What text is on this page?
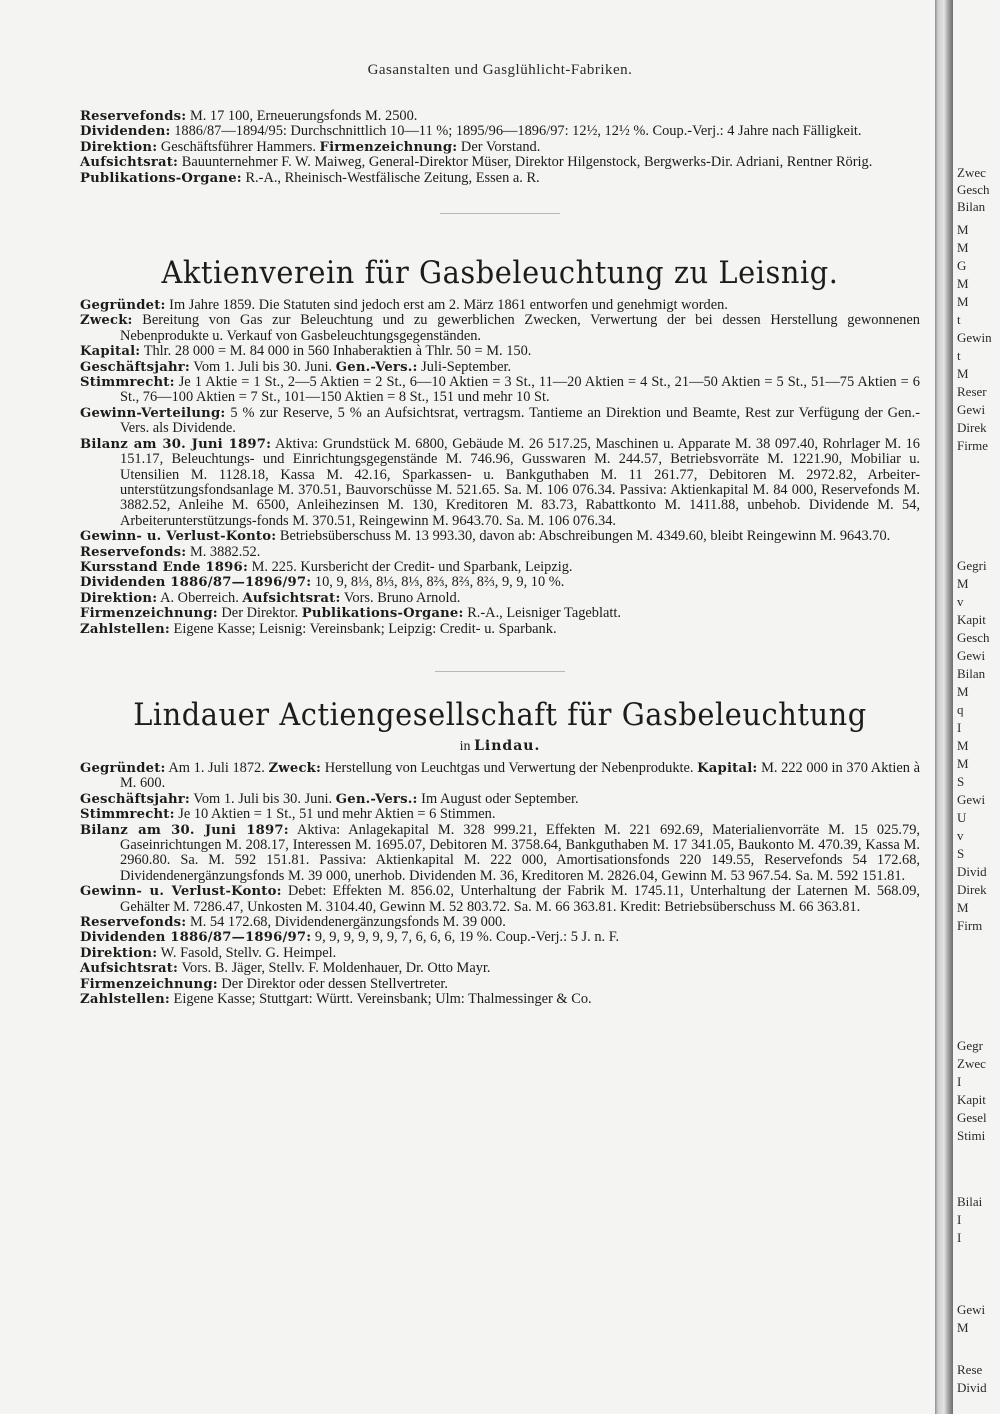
Gasanstalten und Gasglühlicht-Fabriken.

Reservefonds: M. 17 100, Erneuerungsfonds M. 2500.

Dividenden: 1886/87—1894/95: Durchschnittlich 10—11 %; 1895/96—1896/97: 12½, 12½ %. Coup.-Verj.: 4 Jahre nach Fälligkeit.

Direktion: Geschäftsführer Hammers. Firmenzeichnung: Der Vorstand.

Aufsichtsrat: Bauunternehmer F. W. Maiweg, General-Direktor Müser, Direktor Hilgenstock, Bergwerks-Dir. Adriani, Rentner Rörig.

Publikations-Organe: R.-A., Rheinisch-Westfälische Zeitung, Essen a. R.

Aktienverein für Gasbeleuchtung zu Leisnig.

Gegründet: Im Jahre 1859. Die Statuten sind jedoch erst am 2. März 1861 entworfen und genehmigt worden.

Zweck: Bereitung von Gas zur Beleuchtung und zu gewerblichen Zwecken, Verwertung der bei dessen Herstellung gewonnenen Nebenprodukte u. Verkauf von Gasbeleuchtungsgegenständen.

Kapital: Thlr. 28 000 = M. 84 000 in 560 Inhaberaktien à Thlr. 50 = M. 150.

Geschäftsjahr: Vom 1. Juli bis 30. Juni. Gen.-Vers.: Juli-September.

Stimmrecht: Je 1 Aktie = 1 St., 2—5 Aktien = 2 St., 6—10 Aktien = 3 St., 11—20 Aktien = 4 St., 21—50 Aktien = 5 St., 51—75 Aktien = 6 St., 76—100 Aktien = 7 St., 101—150 Aktien = 8 St., 151 und mehr 10 St.

Gewinn-Verteilung: 5 % zur Reserve, 5 % an Aufsichtsrat, vertragsm. Tantieme an Direktion und Beamte, Rest zur Verfügung der Gen.-Vers. als Dividende.

Bilanz am 30. Juni 1897: Aktiva: Grundstück M. 6800, Gebäude M. 26 517.25, Maschinen u. Apparate M. 38 097.40, Rohrlager M. 16 151.17, Beleuchtungs- und Einrichtungsgegenstände M. 746.96, Gusswaren M. 244.57, Betriebsvorräte M. 1221.90, Mobiliar u. Utensilien M. 1128.18, Kassa M. 42.16, Sparkassen- u. Bankguthaben M. 11 261.77, Debitoren M. 2972.82, Arbeiter-unterstützungsfondsanlage M. 370.51, Bauvorschüsse M. 521.65. Sa. M. 106 076.34. Passiva: Aktienkapital M. 84 000, Reservefonds M. 3882.52, Anleihe M. 6500, Anleihezinsen M. 130, Kreditoren M. 83.73, Rabattkonto M. 1411.88, unbehob. Dividende M. 54, Arbeiterunterstützungs-fonds M. 370.51, Reingewinn M. 9643.70. Sa. M. 106 076.34.

Gewinn- u. Verlust-Konto: Betriebsüberschuss M. 13 993.30, davon ab: Abschreibungen M. 4349.60, bleibt Reingewinn M. 9643.70.

Reservefonds: M. 3882.52.

Kursstand Ende 1896: M. 225. Kursbericht der Credit- und Sparbank, Leipzig.

Dividenden 1886/87—1896/97: 10, 9, 8⅓, 8⅓, 8⅓, 8⅔, 8⅔, 8⅔, 9, 9, 10 %.

Direktion: A. Oberreich. Aufsichtsrat: Vors. Bruno Arnold.

Firmenzeichnung: Der Direktor. Publikations-Organe: R.-A., Leisniger Tageblatt.

Zahlstellen: Eigene Kasse; Leisnig: Vereinsbank; Leipzig: Credit- u. Sparbank.

Lindauer Actiengesellschaft für Gasbeleuchtung
in Lindau.

Gegründet: Am 1. Juli 1872. Zweck: Herstellung von Leuchtgas und Verwertung der Nebenprodukte. Kapital: M. 222 000 in 370 Aktien à M. 600.

Geschäftsjahr: Vom 1. Juli bis 30. Juni. Gen.-Vers.: Im August oder September.

Stimmrecht: Je 10 Aktien = 1 St., 51 und mehr Aktien = 6 Stimmen.

Bilanz am 30. Juni 1897: Aktiva: Anlagekapital M. 328 999.21, Effekten M. 221 692.69, Materialienvorräte M. 15 025.79, Gaseinrichtungen M. 208.17, Interessen M. 1695.07, Debitoren M. 3758.64, Bankguthaben M. 17 341.05, Baukonto M. 470.39, Kassa M. 2960.80. Sa. M. 592 151.81. Passiva: Aktienkapital M. 222 000, Amortisationsfonds 220 149.55, Reservefonds 54 172.68, Dividendenergänzungsfonds M. 39 000, unerhob. Dividenden M. 36, Kreditoren M. 2826.04, Gewinn M. 53 967.54. Sa. M. 592 151.81.

Gewinn- u. Verlust-Konto: Debet: Effekten M. 856.02, Unterhaltung der Fabrik M. 1745.11, Unterhaltung der Laternen M. 568.09, Gehälter M. 7286.47, Unkosten M. 3104.40, Gewinn M. 52 803.72. Sa. M. 66 363.81. Kredit: Betriebsüberschuss M. 66 363.81.

Reservefonds: M. 54 172.68, Dividendenergänzungsfonds M. 39 000.

Dividenden 1886/87—1896/97: 9, 9, 9, 9, 9, 9, 7, 6, 6, 6, 19 %. Coup.-Verj.: 5 J. n. F.

Direktion: W. Fasold, Stellv. G. Heimpel.

Aufsichtsrat: Vors. B. Jäger, Stellv. F. Moldenhauer, Dr. Otto Mayr.

Firmenzeichnung: Der Direktor oder dessen Stellvertreter.

Zahlstellen: Eigene Kasse; Stuttgart: Württ. Vereinsbank; Ulm: Thalmessinger & Co.

Zwec
Gesch
Bilan
M
M
G
M
M
t
Gewin
t
M
Reser
Gewi
Direk
Firme
Gegri
M
v
Kapit
Gesch
Gewi
Bilan
M
q
I
M
M
S
Gewi
U
v
S
Divid
Direk
M
Firm
Gegr
Zwec
I
Kapit
Gesel
Stimi
Bilai
I
I
Gewi
M
Rese
Divid
